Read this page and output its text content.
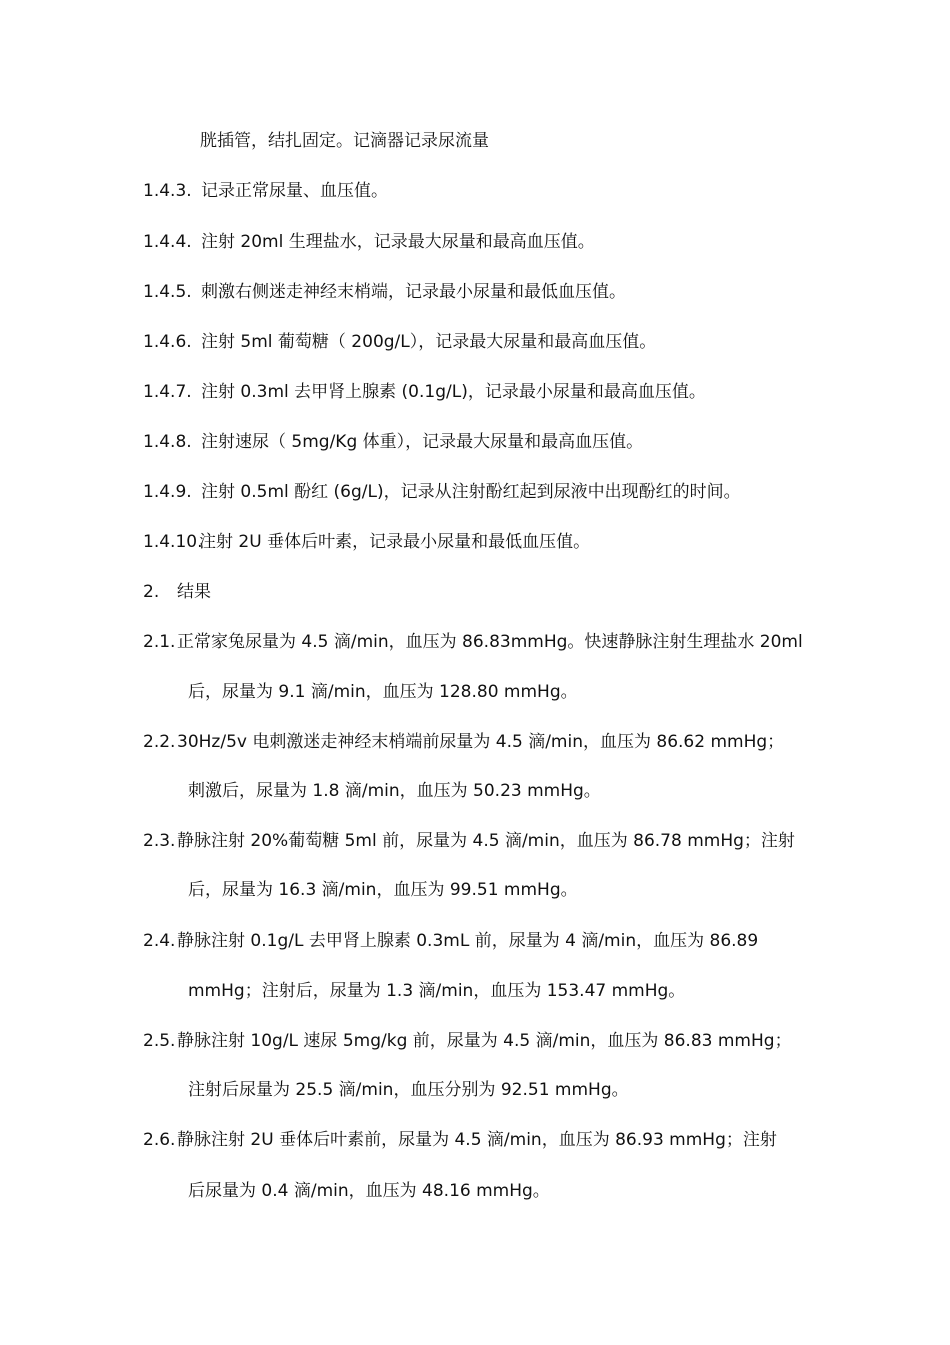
胱插管，结扎固定。记滴器记录尿流量
1.4.3. 记录正常尿量、血压值。
1.4.4. 注射 20ml 生理盐水，记录最大尿量和最高血压值。
1.4.5. 刺激右侧迷走神经末梢端，记录最小尿量和最低血压值。
1.4.6. 注射 5ml 葡萄糖（ 200g/L），记录最大尿量和最高血压值。
1.4.7. 注射 0.3ml 去甲肾上腺素 (0.1g/L)，记录最小尿量和最高血压值。
1.4.8. 注射速尿（ 5mg/Kg 体重），记录最大尿量和最高血压值。
1.4.9. 注射 0.5ml 酚红 (6g/L)，记录从注射酚红起到尿液中出现酚红的时间。
1.4.10.注射 2U 垂体后叶素，记录最小尿量和最低血压值。
2. 结果
2.1.正常家兔尿量为 4.5 滴/min，血压为 86.83mmHg。快速静脉注射生理盐水 20ml
后，尿量为 9.1 滴/min，血压为 128.80 mmHg。
2.2.30Hz/5v 电刺激迷走神经末梢端前尿量为 4.5 滴/min，血压为 86.62 mmHg；
刺激后，尿量为 1.8 滴/min，血压为 50.23 mmHg。
2.3.静脉注射 20%葡萄糖 5ml 前，尿量为 4.5 滴/min，血压为 86.78 mmHg；注射
后，尿量为 16.3 滴/min，血压为 99.51 mmHg。
2.4.静脉注射 0.1g/L 去甲肾上腺素 0.3mL 前，尿量为 4 滴/min，血压为 86.89
mmHg；注射后，尿量为 1.3 滴/min，血压为 153.47 mmHg。
2.5.静脉注射 10g/L 速尿 5mg/kg 前，尿量为 4.5 滴/min，血压为 86.83 mmHg；
注射后尿量为 25.5 滴/min，血压分别为 92.51 mmHg。
2.6.静脉注射 2U 垂体后叶素前，尿量为 4.5 滴/min，血压为 86.93 mmHg；注射
后尿量为 0.4 滴/min，血压为 48.16 mmHg。
